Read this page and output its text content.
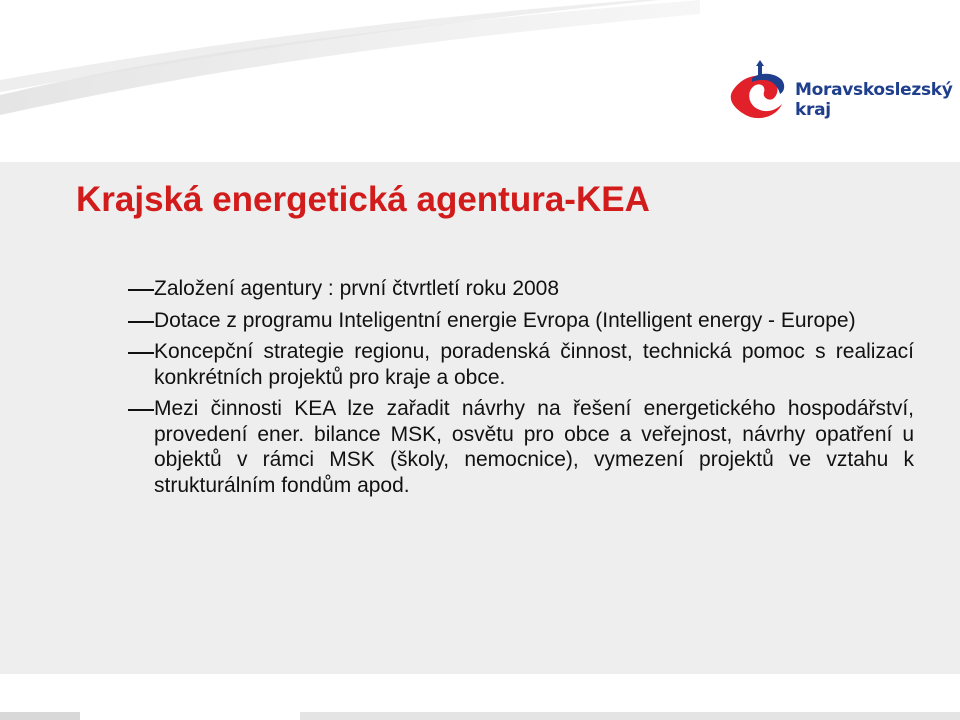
Moravskoslezský
kraj
Krajská energetická agentura-KEA
Založení agentury : první čtvrtletí roku 2008
Dotace z programu Inteligentní energie Evropa (Intelligent energy - Europe)
Koncepční strategie regionu, poradenská činnost, technická pomoc s realizací konkrétních projektů pro kraje a obce.
Mezi činnosti KEA lze zařadit návrhy na řešení energetického hospodářství, provedení ener. bilance MSK, osvětu pro obce a veřejnost, návrhy opatření u objektů v rámci MSK (školy, nemocnice), vymezení projektů ve vztahu k strukturálním fondům apod.
